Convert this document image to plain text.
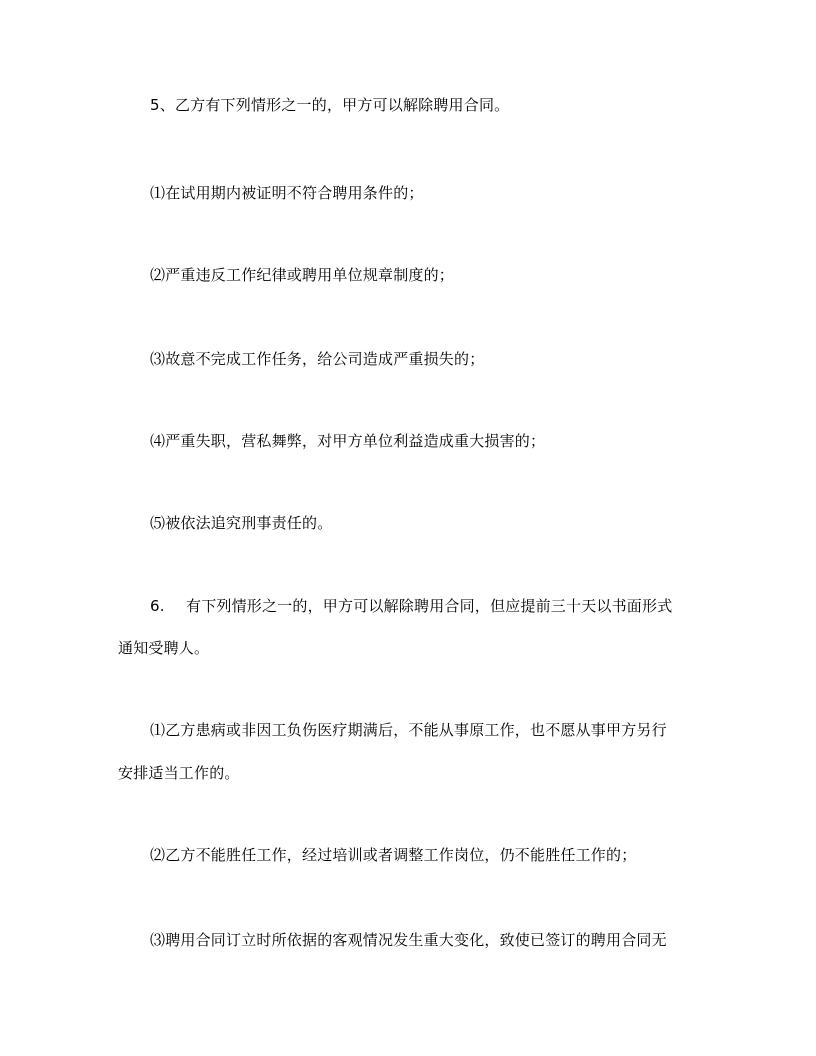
5、乙方有下列情形之一的，甲方可以解除聘用合同。
⑴在试用期内被证明不符合聘用条件的；
⑵严重违反工作纪律或聘用单位规章制度的；
⑶故意不完成工作任务，给公司造成严重损失的；
⑷严重失职，营私舞弊，对甲方单位利益造成重大损害的；
⑸被依法追究刑事责任的。
6. 有下列情形之一的，甲方可以解除聘用合同，但应提前三十天以书面形式
通知受聘人。
⑴乙方患病或非因工负伤医疗期满后，不能从事原工作，也不愿从事甲方另行
安排适当工作的。
⑵乙方不能胜任工作，经过培训或者调整工作岗位，仍不能胜任工作的；
⑶聘用合同订立时所依据的客观情况发生重大变化，致使已签订的聘用合同无
